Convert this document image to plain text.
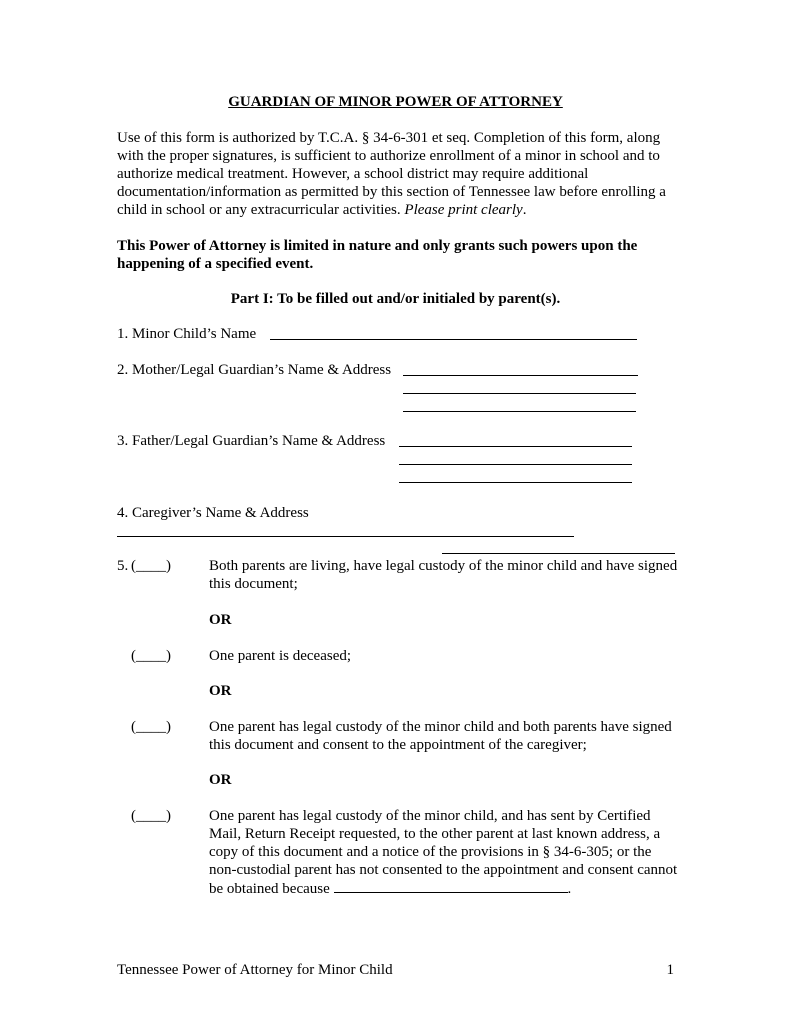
GUARDIAN OF MINOR POWER OF ATTORNEY
Use of this form is authorized by T.C.A. § 34-6-301 et seq. Completion of this form, along with the proper signatures, is sufficient to authorize enrollment of a minor in school and to authorize medical treatment. However, a school district may require additional documentation/information as permitted by this section of Tennessee law before enrolling a child in school or any extracurricular activities. Please print clearly.
This Power of Attorney is limited in nature and only grants such powers upon the happening of a specified event.
Part I: To be filled out and/or initialed by parent(s).
1. Minor Child’s Name
2. Mother/Legal Guardian’s Name & Address
3. Father/Legal Guardian’s Name & Address
4. Caregiver’s Name & Address
5. (____)	Both parents are living, have legal custody of the minor child and have signed this document;
OR
(____)	One parent is deceased;
OR
(____)	One parent has legal custody of the minor child and both parents have signed this document and consent to the appointment of the caregiver;
OR
(____)	One parent has legal custody of the minor child, and has sent by Certified Mail, Return Receipt requested, to the other parent at last known address, a copy of this document and a notice of the provisions in § 34-6-305; or the non-custodial parent has not consented to the appointment and consent cannot be obtained because	.
Tennessee Power of Attorney for Minor Child	1
